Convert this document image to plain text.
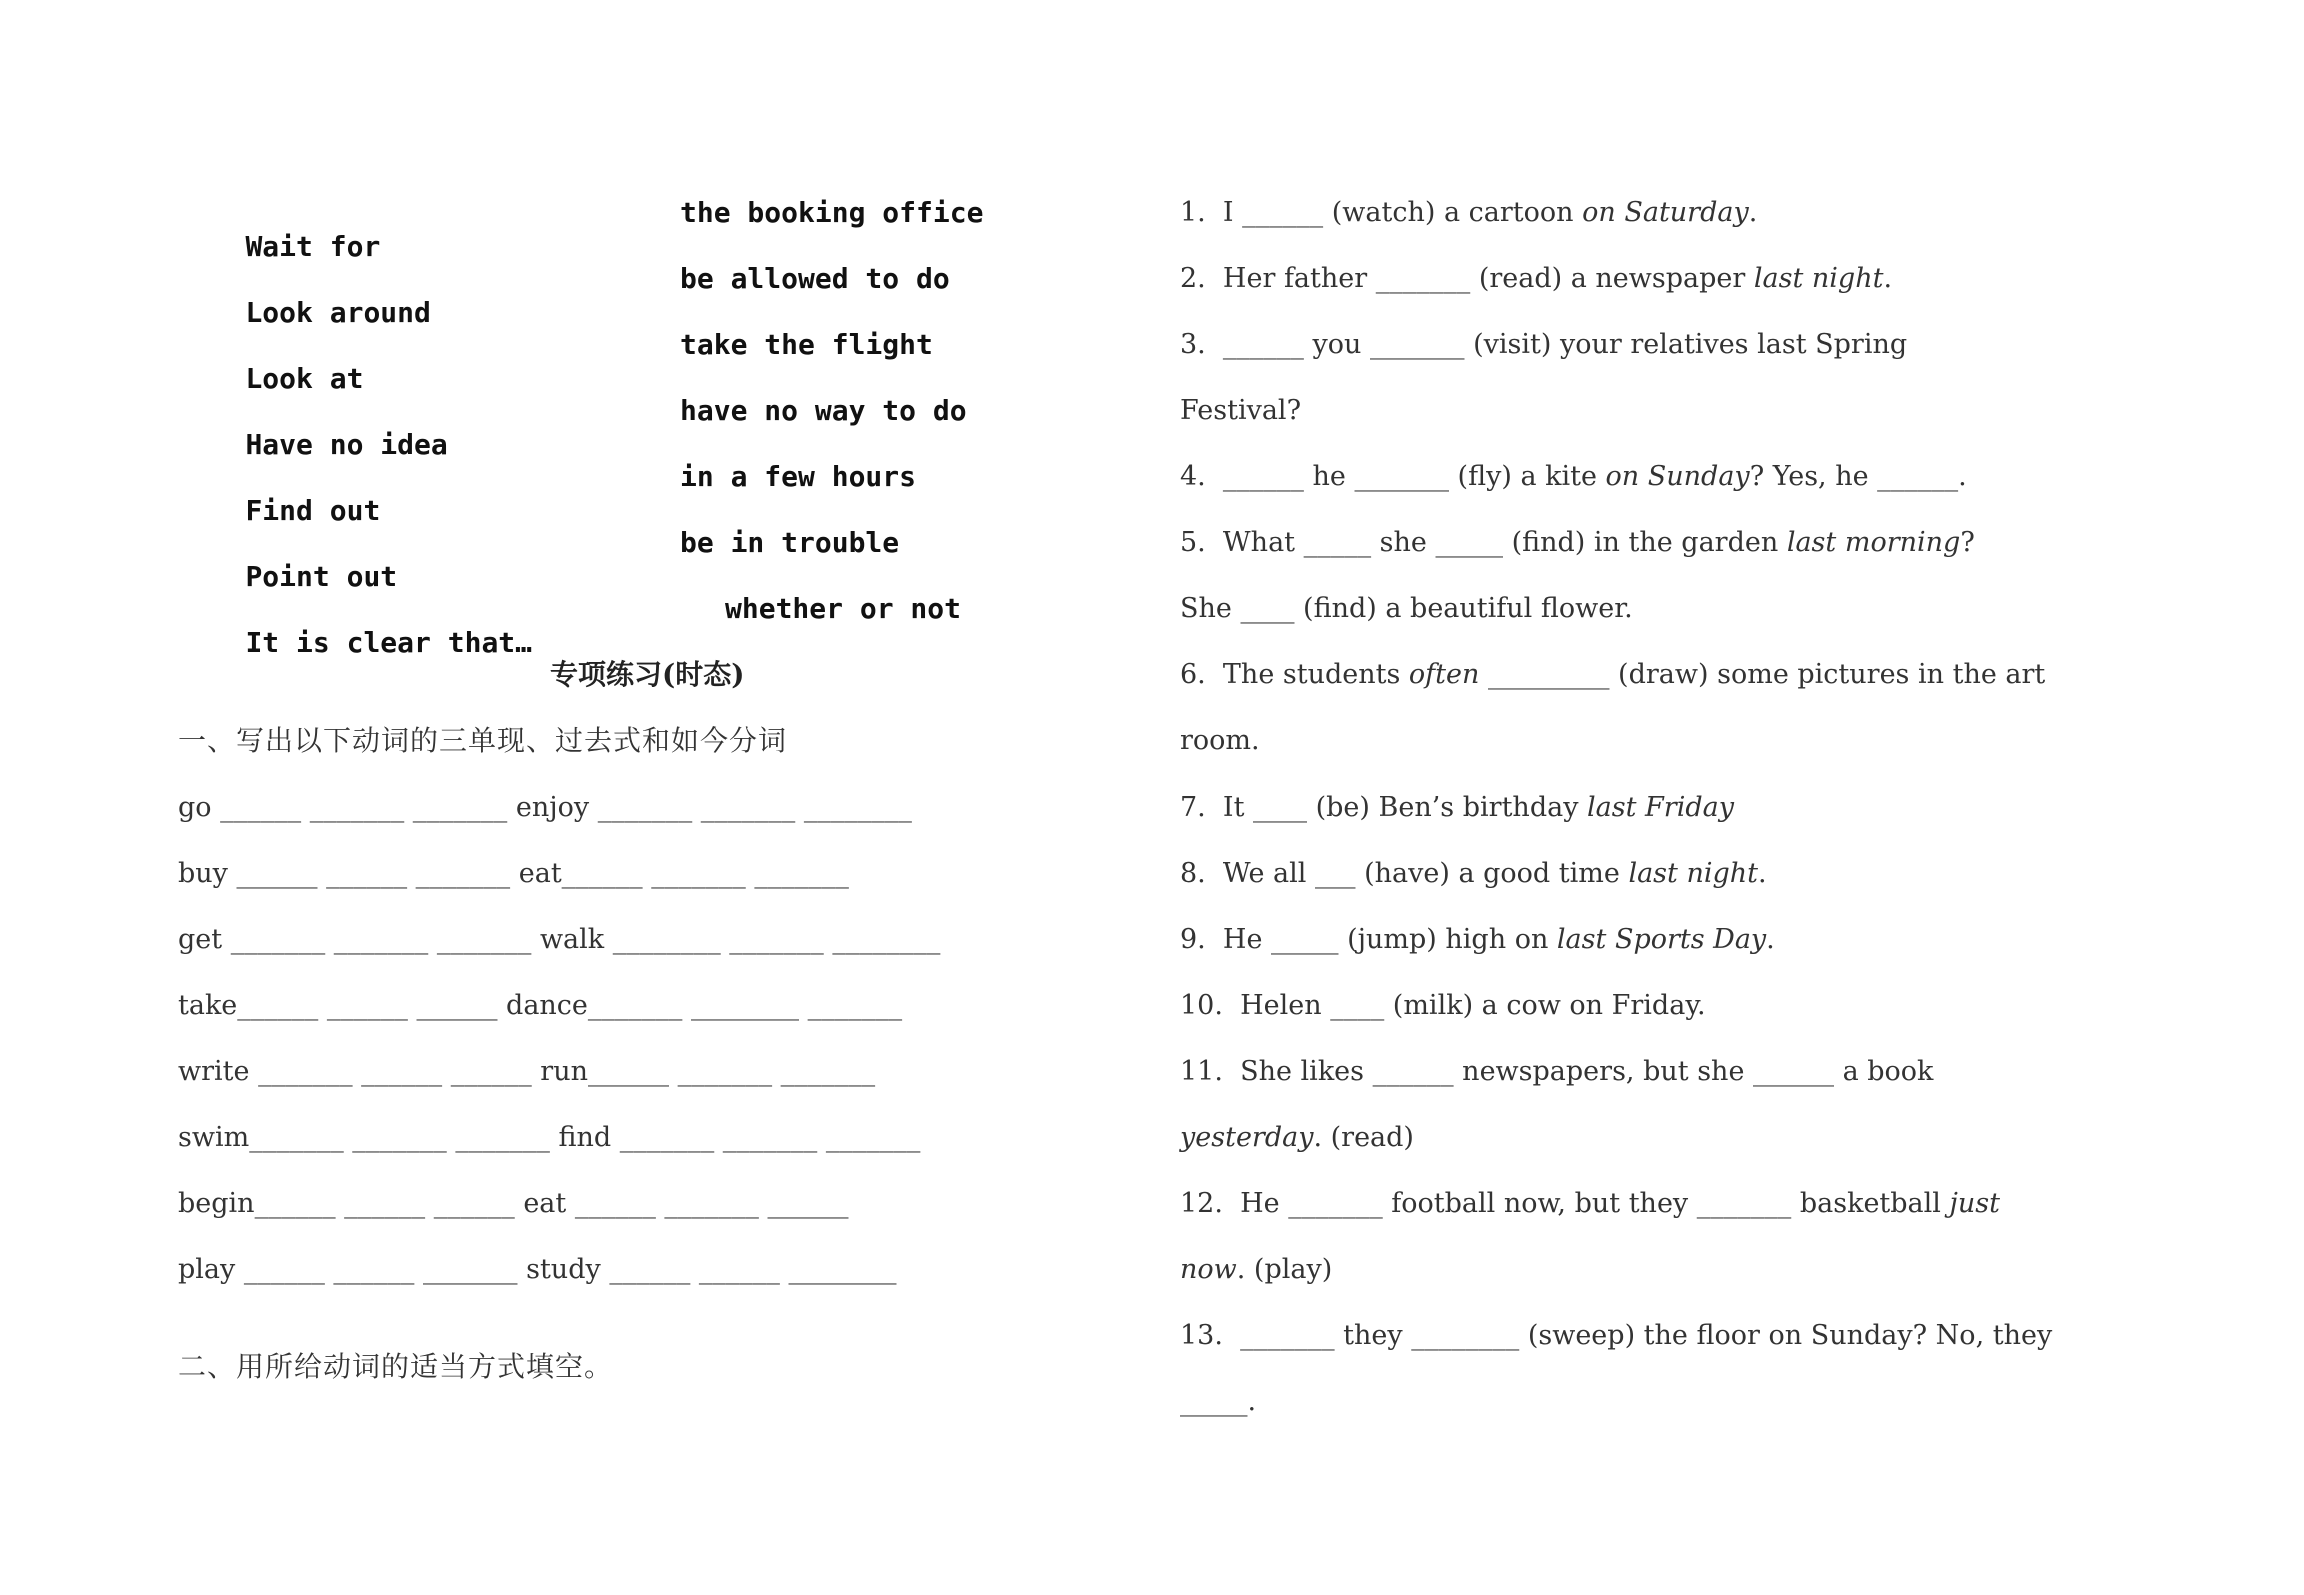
Wait for

the booking office

Look around

be allowed to do

Look at

take the flight

Have no idea

have no way to do

Find out

in a few hours

Point out

be in trouble

It is clear that…

whether or not

专项练习(时态)
一、写出以下动词的三单现、过去式和如今分词
go ______ _______ _______ enjoy _______ _______ ________
buy ______ ______ _______ eat______ _______ _______
get _______ _______ _______ walk ________ _______ ________
take______ ______ ______ dance_______ ________ _______
write _______ ______ ______ run______ _______ _______
swim_______ _______ _______ find _______ _______ _______
begin______ ______ ______ eat ______ _______ ______
play ______ ______ _______ study ______ ______ ________
二、用所给动词的适当方式填空。
1.  I ______ (watch) a cartoon on Saturday.
2.  Her father _______ (read) a newspaper last night.
3.  ______ you _______ (visit) your relatives last Spring
Festival?
4.  ______ he _______ (fly) a kite on Sunday? Yes, he ______.
5.  What _____ she _____ (find) in the garden last morning?
She ____ (find) a beautiful flower.
6.  The students often _________ (draw) some pictures in the art
room.
7.  It ____ (be) Ben’s birthday last Friday
8.  We all ___ (have) a good time last night.
9.  He _____ (jump) high on last Sports Day.
10.  Helen ____ (milk) a cow on Friday.
11.  She likes ______ newspapers, but she ______ a book
yesterday. (read)
12.  He _______ football now, but they _______ basketball just
now. (play)
13.  _______ they ________ (sweep) the floor on Sunday? No, they
_____.
